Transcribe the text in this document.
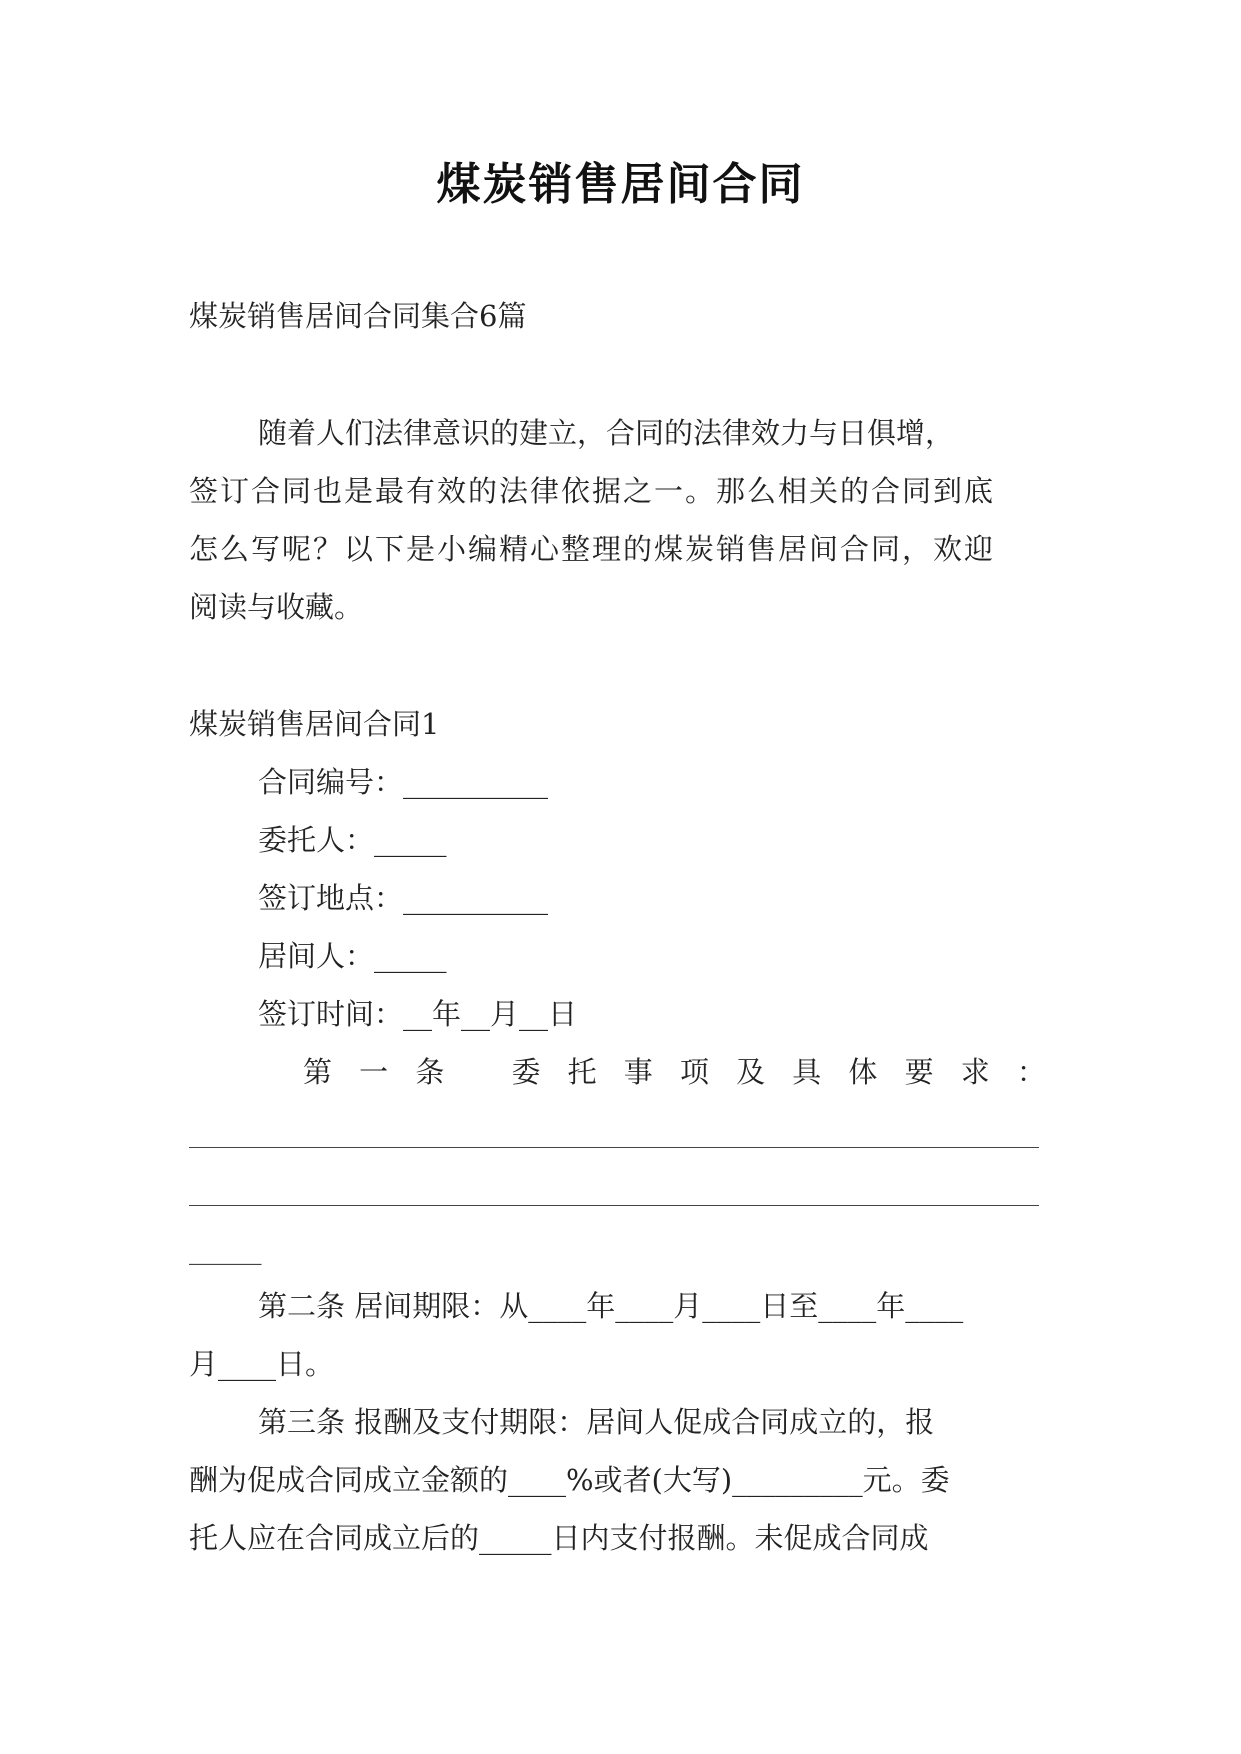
煤炭销售居间合同
煤炭销售居间合同集合6篇
随着人们法律意识的建立，合同的法律效力与日俱增，
签订合同也是最有效的法律依据之一。那么相关的合同到底
怎么写呢？以下是小编精心整理的煤炭销售居间合同，欢迎
阅读与收藏。
煤炭销售居间合同1
合同编号：__________
委托人：_____
签订地点：__________
居间人：_____
签订时间：__年__月__日
第 一 条 委 托 事 项 及 具 体 要 求 ：
_____
第二条 居间期限：从____年____月____日至____年____
月____日。
第三条 报酬及支付期限：居间人促成合同成立的，报
酬为促成合同成立金额的____%或者(大写)_________元。委
托人应在合同成立后的_____日内支付报酬。未促成合同成
